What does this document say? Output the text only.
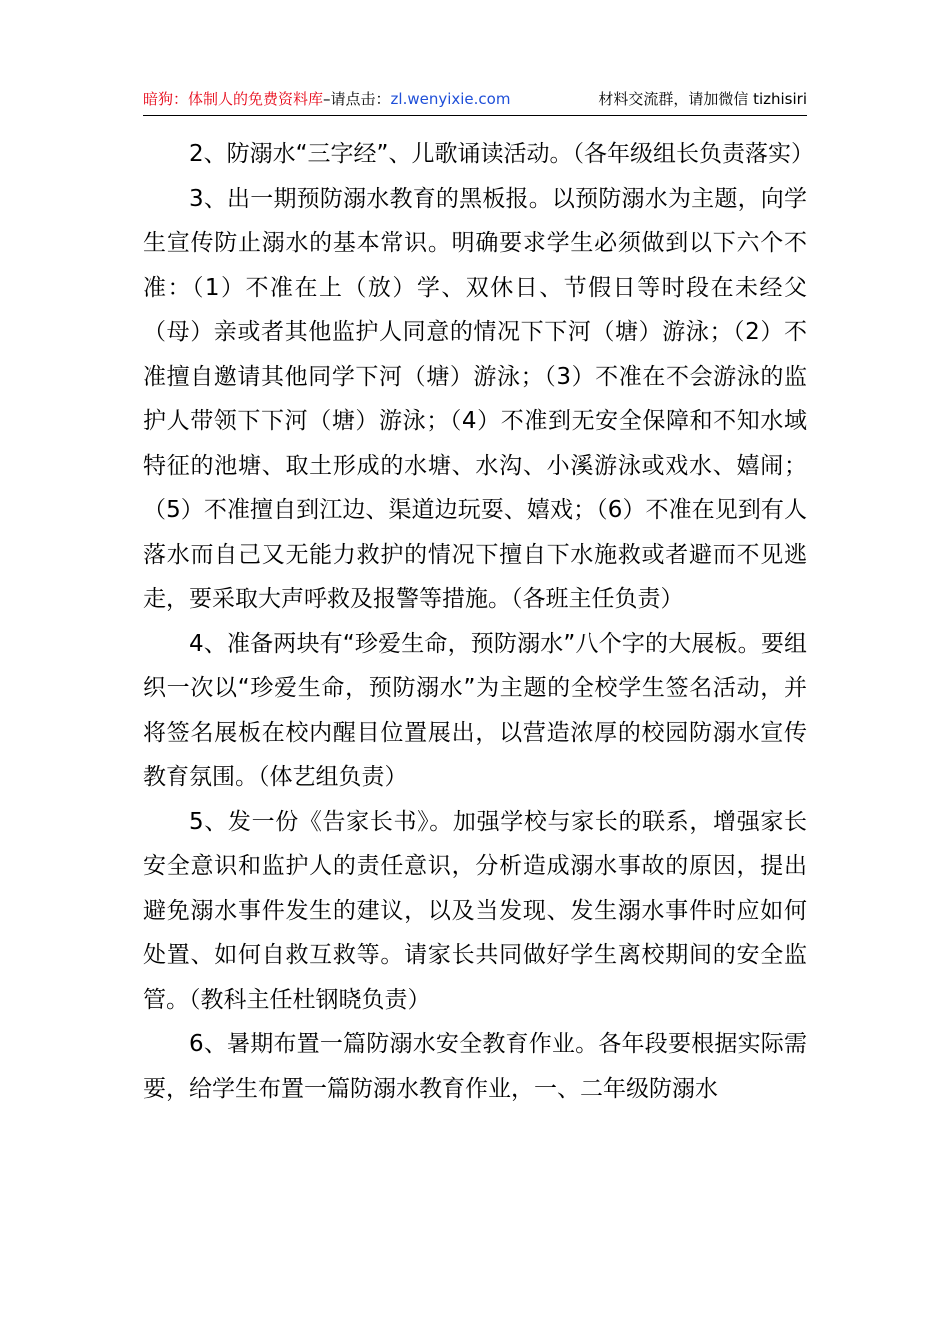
暗狗：体制人的免费资料库–请点击：zl.wenyixie.com	材料交流群，请加微信 tizhisiri

2、防溺水“三字经”、儿歌诵读活动。（各年级组长负责落实）

3、出一期预防溺水教育的黑板报。以预防溺水为主题，向学生宣传防止溺水的基本常识。明确要求学生必须做到以下六个不准：（1）不准在上（放）学、双休日、节假日等时段在未经父（母）亲或者其他监护人同意的情况下下河（塘）游泳；（2）不准擅自邀请其他同学下河（塘）游泳；（3）不准在不会游泳的监护人带领下下河（塘）游泳；（4）不准到无安全保障和不知水域特征的池塘、取土形成的水塘、水沟、小溪游泳或戏水、嬉闹；（5）不准擅自到江边、渠道边玩耍、嬉戏；（6）不准在见到有人落水而自己又无能力救护的情况下擅自下水施救或者避而不见逃走，要采取大声呼救及报警等措施。（各班主任负责）

4、准备两块有“珍爱生命，预防溺水”八个字的大展板。要组织一次以“珍爱生命，预防溺水”为主题的全校学生签名活动，并将签名展板在校内醒目位置展出，以营造浓厚的校园防溺水宣传教育氛围。（体艺组负责）

5、发一份《告家长书》。加强学校与家长的联系，增强家长安全意识和监护人的责任意识，分析造成溺水事故的原因，提出避免溺水事件发生的建议，以及当发现、发生溺水事件时应如何处置、如何自救互救等。请家长共同做好学生离校期间的安全监管。（教科主任杜钢晓负责）

6、暑期布置一篇防溺水安全教育作业。各年段要根据实际需要，给学生布置一篇防溺水教育作业，一、二年级防溺水
